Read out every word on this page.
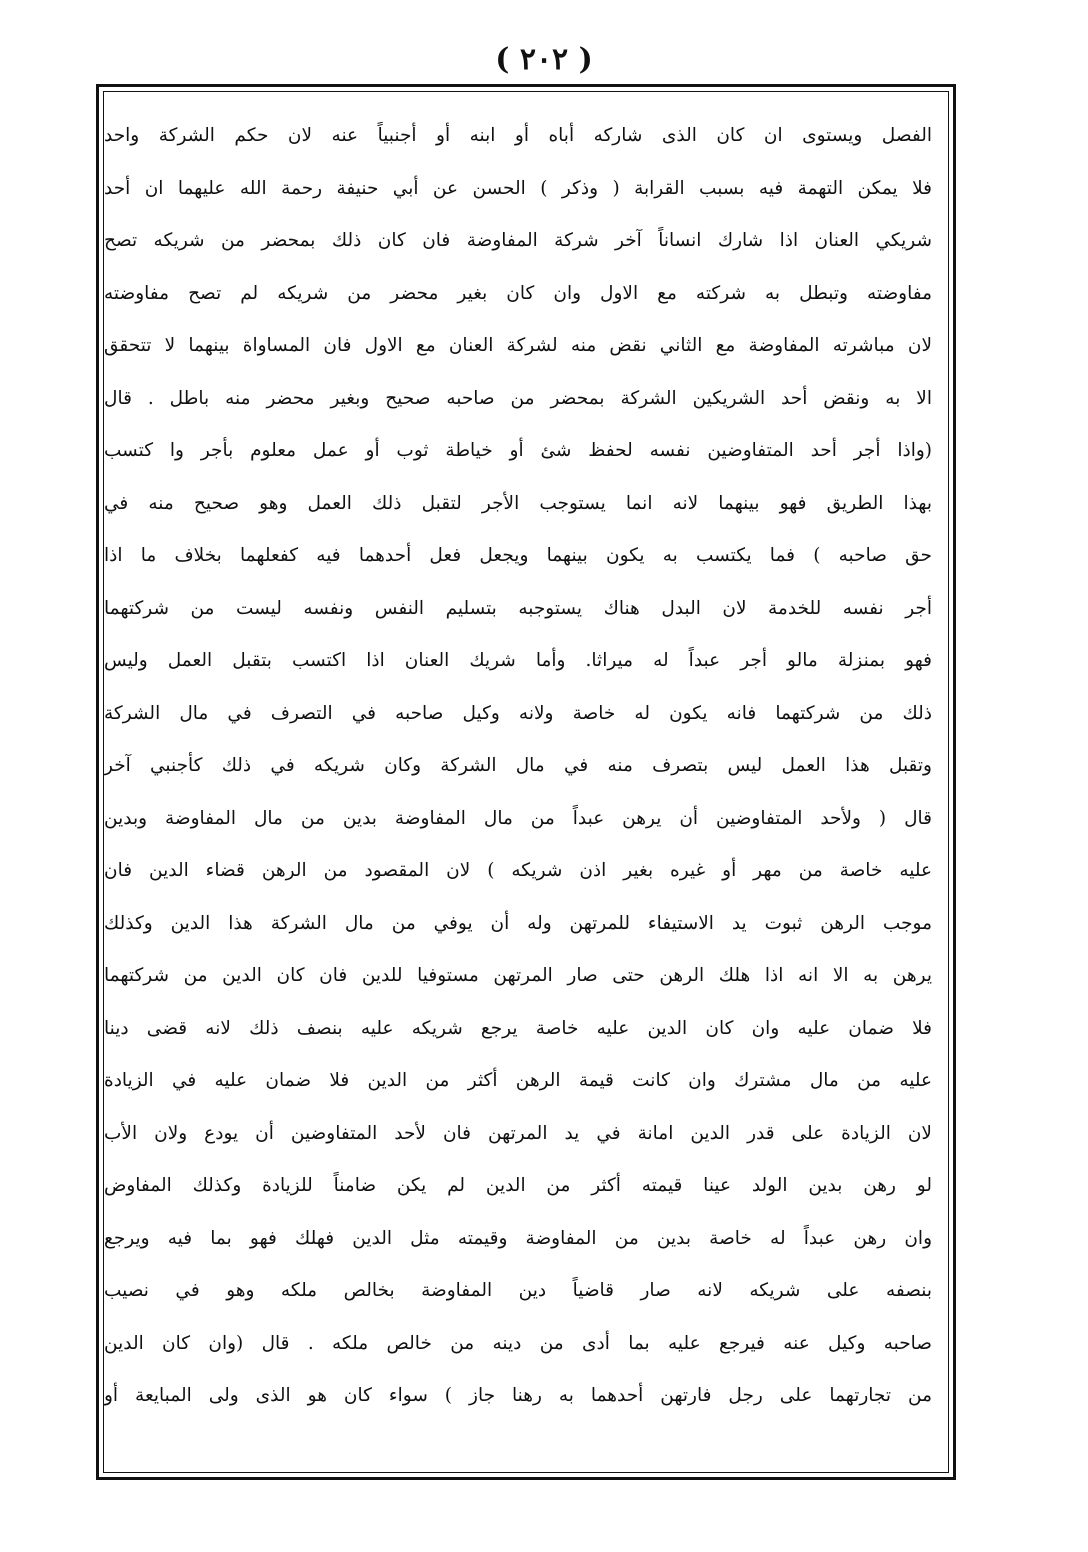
( ٢٠٢ )
الفصل ويستوى ان كان الذى شاركه أباه أو ابنه أو أجنبياً عنه لان حكم الشركة واحد
فلا يمكن التهمة فيه بسبب القرابة ( وذكر ) الحسن عن أبي حنيفة رحمة الله عليهما ان أحد
شريكي العنان اذا شارك انساناً آخر شركة المفاوضة فان كان ذلك بمحضر من شريكه تصح
مفاوضته وتبطل به شركته مع الاول وان كان بغير محضر من شريكه لم تصح مفاوضته
لان مباشرته المفاوضة مع الثاني نقض منه لشركة العنان مع الاول فان المساواة بينهما لا تتحقق
الا به ونقض أحد الشريكين الشركة بمحضر من صاحبه صحيح وبغير محضر منه باطل . قال
(واذا أجر أحد المتفاوضين نفسه لحفظ شئ أو خياطة ثوب أو عمل معلوم بأجر وا كتسب
بهذا الطريق فهو بينهما لانه انما يستوجب الأجر لتقبل ذلك العمل وهو صحيح منه في
حق صاحبه ) فما يكتسب به يكون بينهما ويجعل فعل أحدهما فيه كفعلهما بخلاف ما اذا
أجر نفسه للخدمة لان البدل هناك يستوجبه بتسليم النفس ونفسه ليست من شركتهما
فهو بمنزلة مالو أجر عبداً له ميراثا. وأما شريك العنان اذا اكتسب بتقبل العمل وليس
ذلك من شركتهما فانه يكون له خاصة ولانه وكيل صاحبه في التصرف في مال الشركة
وتقبل هذا العمل ليس بتصرف منه في مال الشركة وكان شريكه في ذلك كأجنبي آخر
قال ( ولأحد المتفاوضين أن يرهن عبداً من مال المفاوضة بدين من مال المفاوضة وبدين
عليه خاصة من مهر أو غيره بغير اذن شريكه ) لان المقصود من الرهن قضاء الدين فان
موجب الرهن ثبوت يد الاستيفاء للمرتهن وله أن يوفي من مال الشركة هذا الدين وكذلك
يرهن به الا انه اذا هلك الرهن حتى صار المرتهن مستوفيا للدين فان كان الدين من شركتهما
فلا ضمان عليه وان كان الدين عليه خاصة يرجع شريكه عليه بنصف ذلك لانه قضى دينا
عليه من مال مشترك وان كانت قيمة الرهن أكثر من الدين فلا ضمان عليه في الزيادة
لان الزيادة على قدر الدين امانة في يد المرتهن فان لأحد المتفاوضين أن يودع ولان الأب
لو رهن بدين الولد عينا قيمته أكثر من الدين لم يكن ضامناً للزيادة وكذلك المفاوض
وان رهن عبداً له خاصة بدين من المفاوضة وقيمته مثل الدين فهلك فهو بما فيه ويرجع
بنصفه على شريكه لانه صار قاضياً دين المفاوضة بخالص ملكه وهو في نصيب
صاحبه وكيل عنه فيرجع عليه بما أدى من دينه من خالص ملكه . قال (وان كان الدين
من تجارتهما على رجل فارتهن أحدهما به رهنا جاز ) سواء كان هو الذى ولى المبايعة أو
